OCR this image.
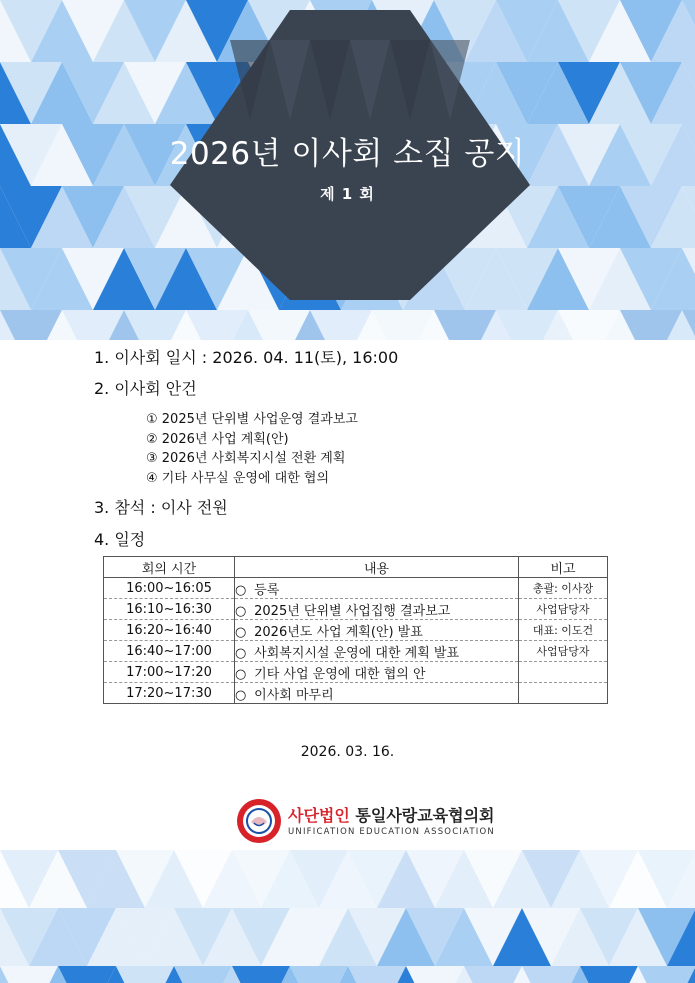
2026년 이사회 소집 공지
제 1 회
1. 이사회 일시 : 2026. 04. 11(토), 16:00
2. 이사회 안건
① 2025년 단위별 사업운영 결과보고
② 2026년 사업 계획(안)
③ 2026년 사회복지시설 전환 계획
④ 기타 사무실 운영에 대한 협의
3. 참석 : 이사 전원
4. 일정
회의 시간	내용	비고
16:00~16:05	○ 등록	총괄: 이사장
16:10~16:30	○ 2025년 단위별 사업집행 결과보고	사업담당자
16:20~16:40	○ 2026년도 사업 계획(안) 발표	대표: 이도건
16:40~17:00	○ 사회복지시설 운영에 대한 계획 발표	사업담당자
17:00~17:20	○ 기타 사업 운영에 대한 협의 안	
17:20~17:30	○ 이사회 마무리	
2026. 03. 16.
사단법인 통일사랑교육협의회
UNIFICATION EDUCATION ASSOCIATION
